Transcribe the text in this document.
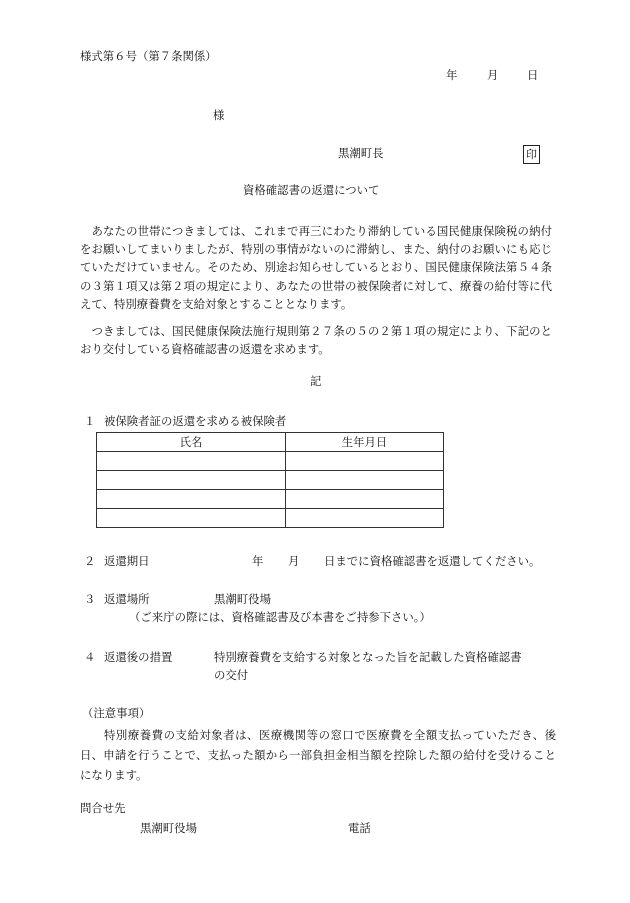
様式第６号（第７条関係）
年	月	日
様
黒潮町長	印
資格確認書の返還について
　あなたの世帯につきましては、これまで再三にわたり滞納している国民健康保険税の納付をお願いしてまいりましたが、特別の事情がないのに滞納し、また、納付のお願いにも応じていただけていません。そのため、別途お知らせしているとおり、国民健康保険法第５４条の３第１項又は第２項の規定により、あなたの世帯の被保険者に対して、療養の給付等に代えて、特別療養費を支給対象とすることとなります。
　つきましては、国民健康保険法施行規則第２７条の５の２第１項の規定により、下記のとおり交付している資格確認書の返還を求めます。
記
１ 被保険者証の返還を求める被保険者
氏名	生年月日

２ 返還期日	年 月 日までに資格確認書を返還してください。
３ 返還場所	黒潮町役場
（ご来庁の際には、資格確認書及び本書をご持参下さい。）
４ 返還後の措置	特別療養費を支給する対象となった旨を記載した資格確認書
の交付
（注意事項）
特別療養費の支給対象者は、医療機関等の窓口で医療費を全額支払っていただき、後日、申請を行うことで、支払った額から一部負担金相当額を控除した額の給付を受けることになります。
問合せ先
黒潮町役場	電話
